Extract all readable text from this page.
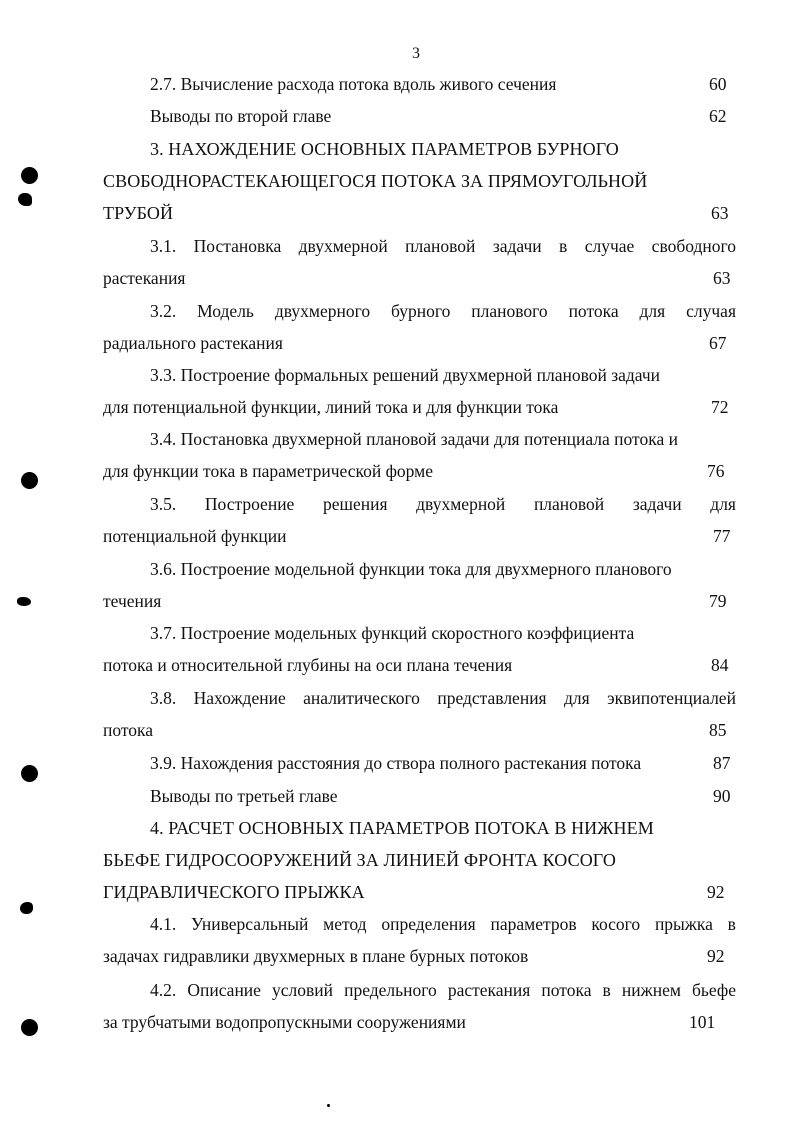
3
2.7. Вычисление расхода потока вдоль живого сечения	60
Выводы по второй главе	62
3. НАХОЖДЕНИЕ ОСНОВНЫХ ПАРАМЕТРОВ БУРНОГО
СВОБОДНОРАСТЕКАЮЩЕГОСЯ ПОТОКА ЗА ПРЯМОУГОЛЬНОЙ
ТРУБОЙ	63
3.1. Постановка двухмерной плановой задачи в случае свободного
растекания	63
3.2. Модель двухмерного бурного планового потока для случая
радиального растекания	67
3.3. Построение формальных решений двухмерной плановой задачи
для потенциальной функции, линий тока и для функции тока	72
3.4. Постановка двухмерной плановой задачи для потенциала потока и
для функции тока в параметрической форме	76
3.5. Построение решения двухмерной плановой задачи для
потенциальной функции	77
3.6. Построение модельной функции тока для двухмерного планового
течения	79
3.7. Построение модельных функций скоростного коэффициента
потока и относительной глубины на оси плана течения	84
3.8. Нахождение аналитического представления для эквипотенциалей
потока	85
3.9. Нахождения расстояния до створа полного растекания потока	87
Выводы по третьей главе	90
4. РАСЧЕТ ОСНОВНЫХ ПАРАМЕТРОВ ПОТОКА В НИЖНЕМ
БЬЕФЕ ГИДРОСООРУЖЕНИЙ ЗА ЛИНИЕЙ ФРОНТА КОСОГО
ГИДРАВЛИЧЕСКОГО ПРЫЖКА	92
4.1. Универсальный метод определения параметров косого прыжка в
задачах гидравлики двухмерных в плане бурных потоков	92
4.2. Описание условий предельного растекания потока в нижнем бьефе
за трубчатыми водопропускными сооружениями	101
